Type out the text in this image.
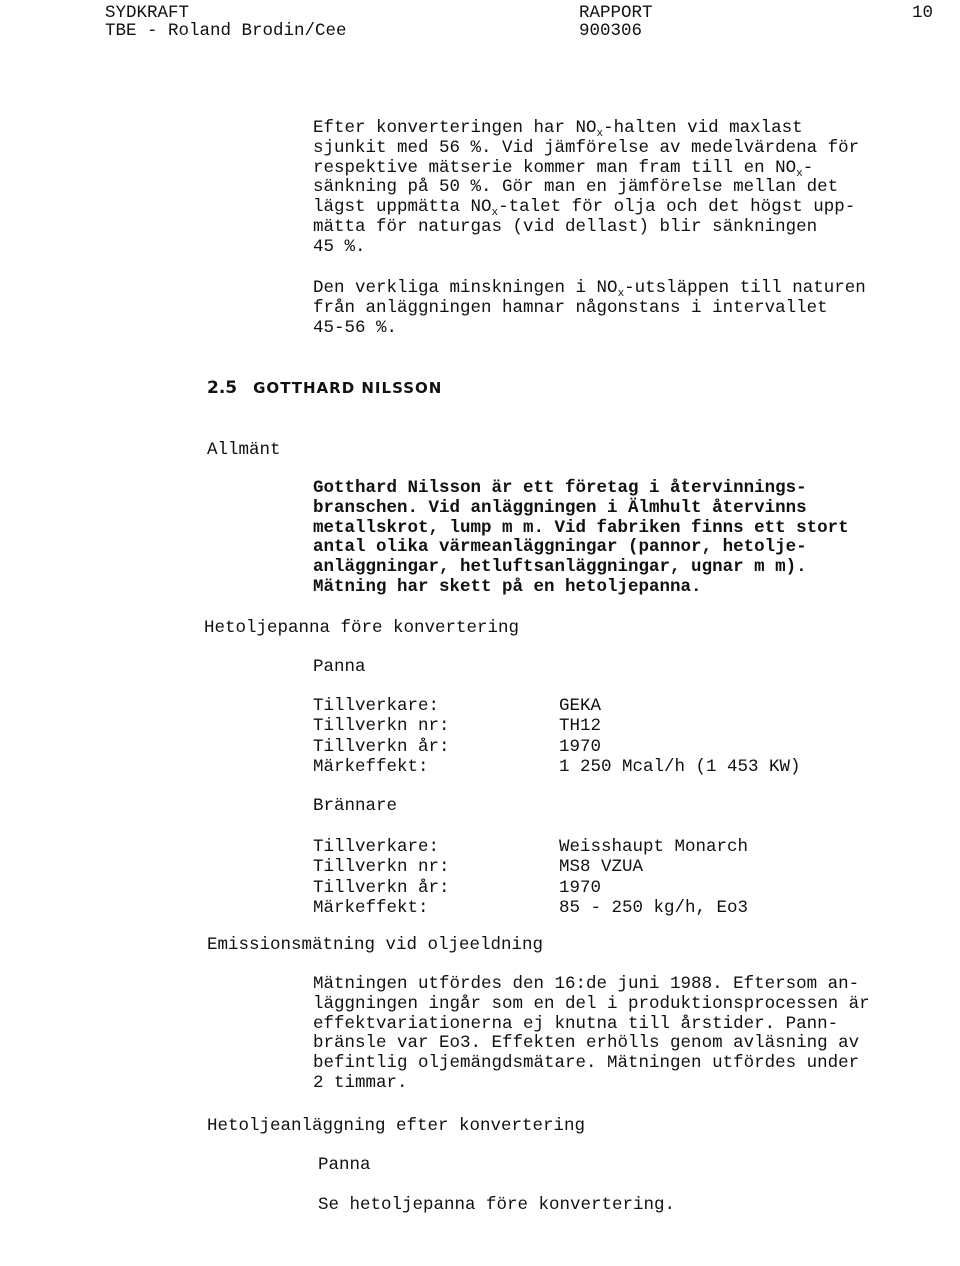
SYDKRAFT
TBE - Roland Brodin/Cee
RAPPORT
900306
10
Efter konverteringen har $NO_x$-halten vid maxlast
sjunkit med 56 %. Vid jämförelse av medelvärdena för
respektive mätserie kommer man fram till en $NO_x-$
sänkning på 50 %. Gör man en jämförelse mellan det
lägst uppmätta $NO_x$-talet för olja och det högst upp-
mätta för naturgas (vid dellast) blir sänkningen
45 %.
Den verkliga minskningen i $NO_x$-utsläppen till naturen
från anläggningen hamnar någonstans i intervallet
45-56 %.
2.5 GOTTHARD NILSSON
Allmänt
Gotthard Nilsson är ett företag i återvinnings-
branschen. Vid anläggningen i Älmhult återvinns
metallskrot, lump m m. Vid fabriken finns ett stort
antal olika värmeanläggningar (pannor, hetolje-
anläggningar, hetluftsanläggningar, ugnar m m).
Mätning har skett på en hetoljepanna.
Hetoljepanna före konvertering
Panna
Tillverkare:	GEKA
Tillverkn nr:	TH12
Tillverkn år:	1970
Märkeffekt:	1 250 Mcal/h (1 453 KW)
Brännare
Tillverkare:	Weisshaupt Monarch
Tillverkn nr:	MS8 VZUA
Tillverkn år:	1970
Märkeffekt:	85 - 250 kg/h, Eo3
Emissionsmätning vid oljeeldning
Mätningen utfördes den 16:de juni 1988. Eftersom an-
läggningen ingår som en del i produktionsprocessen är
effektvariationerna ej knutna till årstider. Pann-
bränsle var Eo3. Effekten erhölls genom avläsning av
befintlig oljemängdsmätare. Mätningen utfördes under
2 timmar.
Hetoljeanläggning efter konvertering
Panna
Se hetoljepanna före konvertering.
